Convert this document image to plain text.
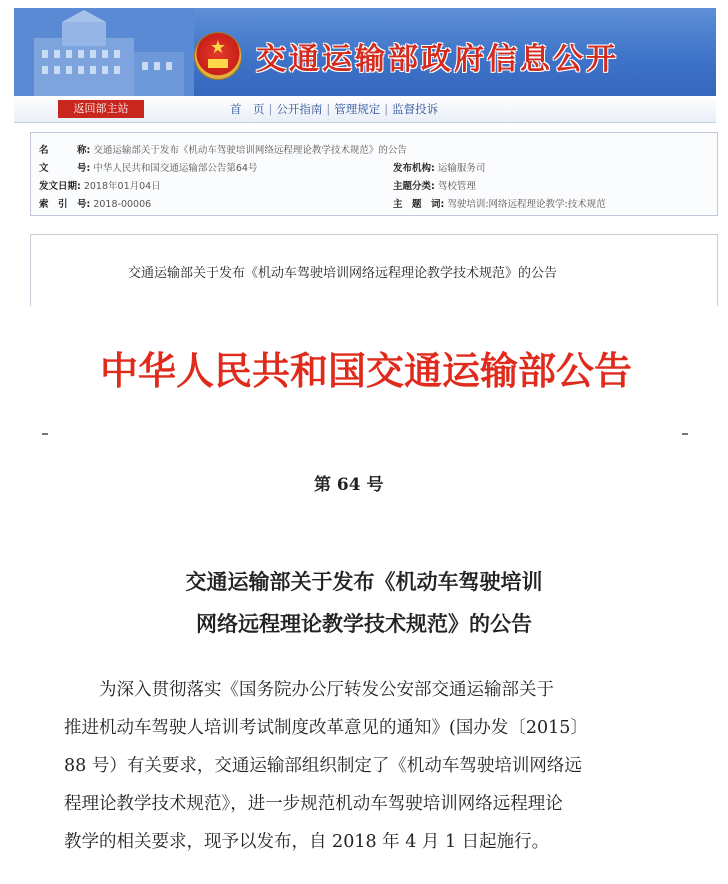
★ 交通运输部政府信息公开
返回部主站	首　页 | 公开指南 | 管理规定 | 监督投诉
名　　　称: 交通运输部关于发布《机动车驾驶培训网络远程理论教学技术规范》的公告
文　　　号: 中华人民共和国交通运输部公告第64号
发文日期: 2018年01月04日
索　引　号: 2018-00006
发布机构: 运输服务司
主题分类: 驾校管理
主　题　词: 驾驶培训:网络远程理论教学:技术规范
交通运输部关于发布《机动车驾驶培训网络远程理论教学技术规范》的公告
中华人民共和国交通运输部公告
第 64 号
交通运输部关于发布《机动车驾驶培训
网络远程理论教学技术规范》的公告
　　为深入贯彻落实《国务院办公厅转发公安部交通运输部关于
推进机动车驾驶人培训考试制度改革意见的通知》(国办发〔2015〕
88 号）有关要求，交通运输部组织制定了《机动车驾驶培训网络远
程理论教学技术规范》，进一步规范机动车驾驶培训网络远程理论
教学的相关要求，现予以发布，自 2018 年 4 月 1 日起施行。
